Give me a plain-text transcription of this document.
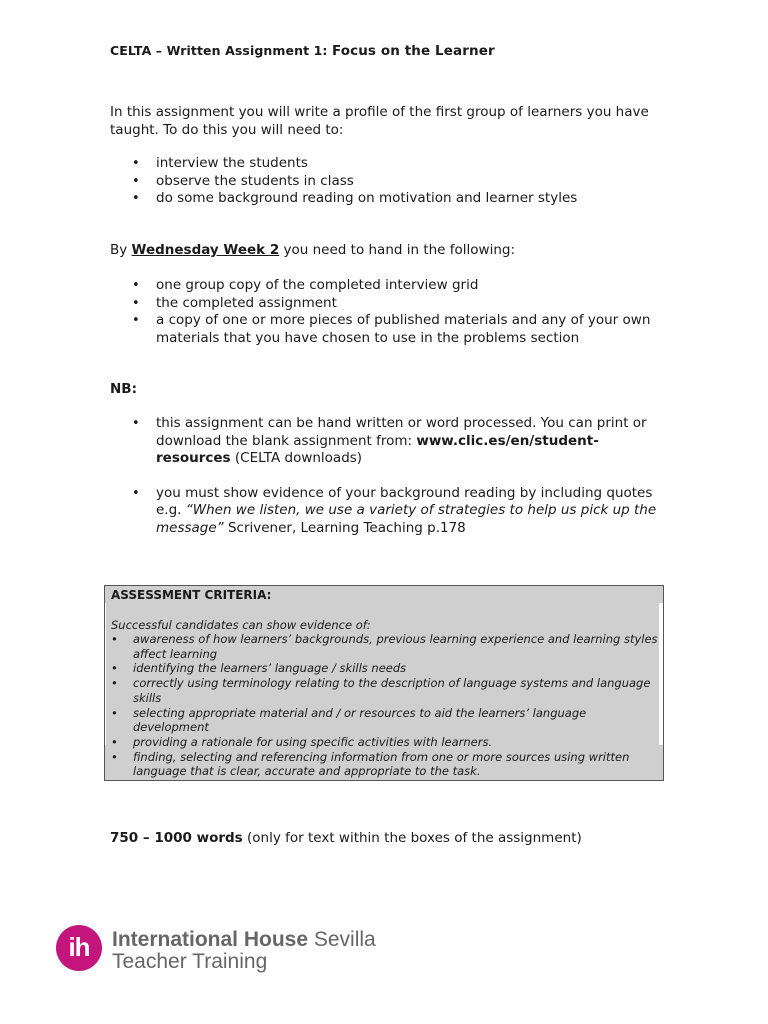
CELTA – Written Assignment 1: Focus on the Learner
In this assignment you will write a profile of the first group of learners you have taught. To do this you will need to:
• interview the students
• observe the students in class
• do some background reading on motivation and learner styles
By Wednesday Week 2 you need to hand in the following:
• one group copy of the completed interview grid
• the completed assignment
• a copy of one or more pieces of published materials and any of your own materials that you have chosen to use in the problems section
NB:
• this assignment can be hand written or word processed. You can print or download the blank assignment from: www.clic.es/en/student-resources (CELTA downloads)
• you must show evidence of your background reading by including quotes e.g. “When we listen, we use a variety of strategies to help us pick up the message” Scrivener, Learning Teaching p.178
ASSESSMENT CRITERIA:
Successful candidates can show evidence of:
• awareness of how learners’ backgrounds, previous learning experience and learning styles affect learning
• identifying the learners’ language / skills needs
• correctly using terminology relating to the description of language systems and language skills
• selecting appropriate material and / or resources to aid the learners’ language development
• providing a rationale for using specific activities with learners.
• finding, selecting and referencing information from one or more sources using written language that is clear, accurate and appropriate to the task.
750 – 1000 words (only for text within the boxes of the assignment)
ih	International House Sevilla
Teacher Training
